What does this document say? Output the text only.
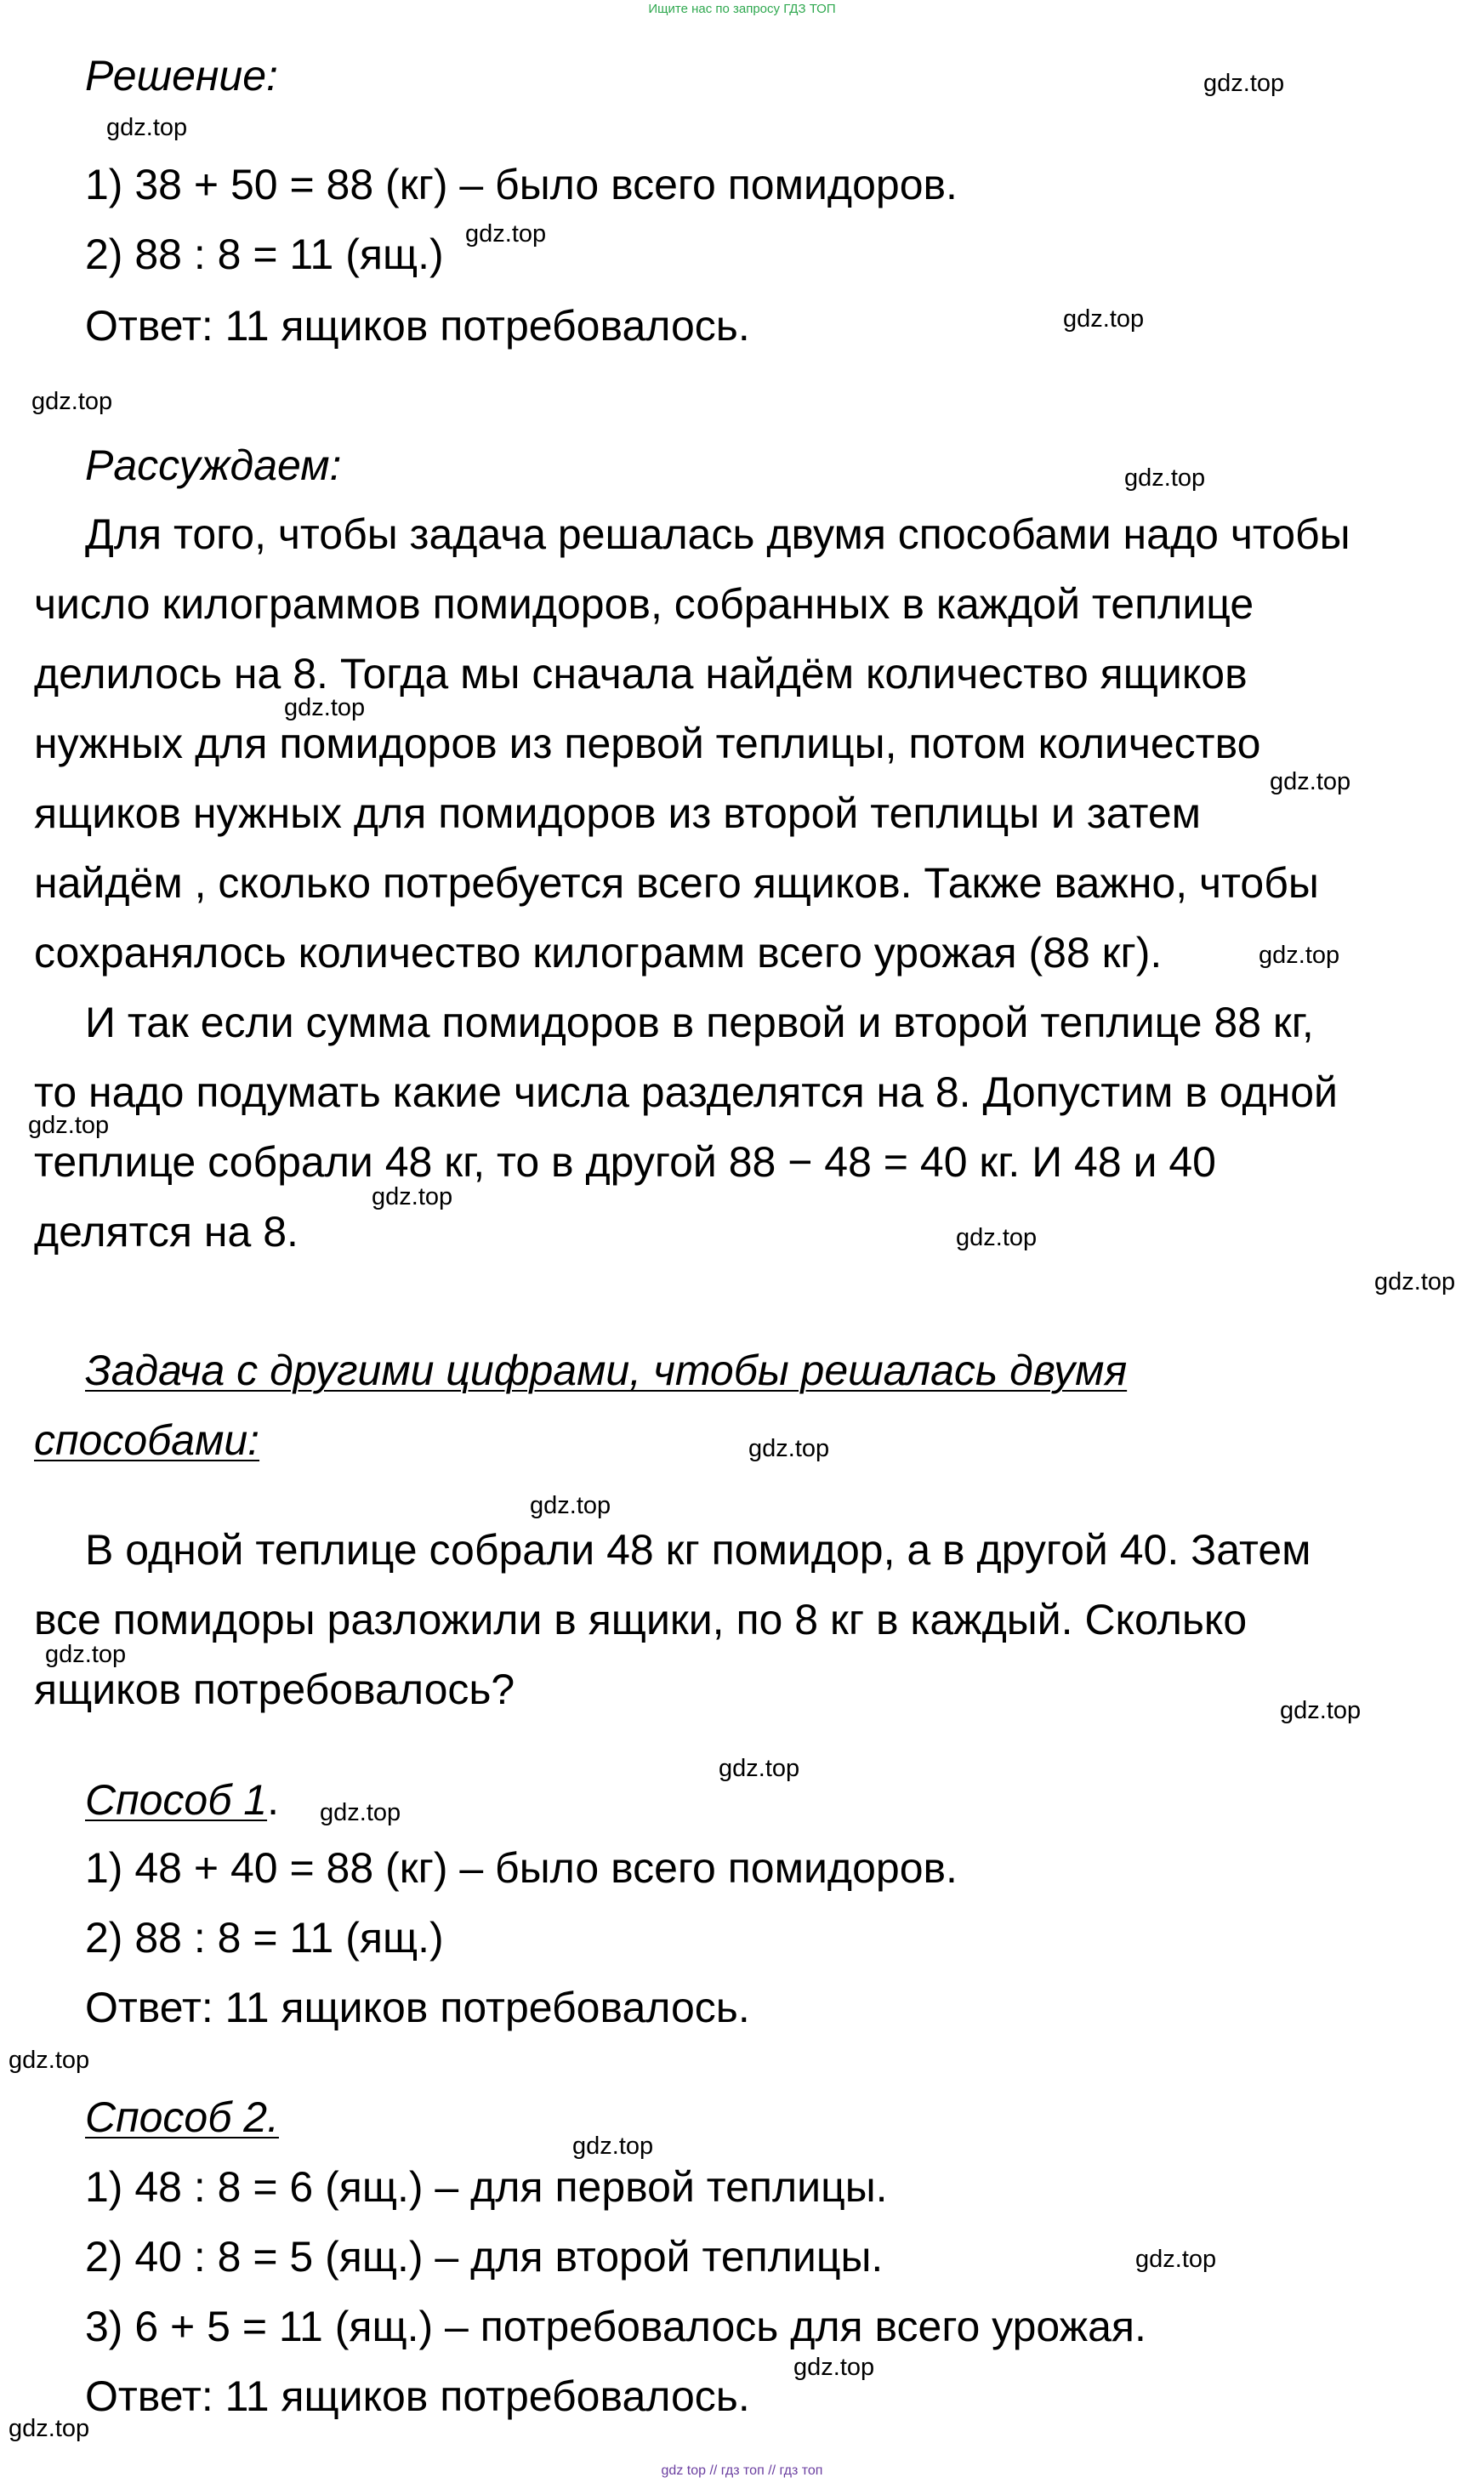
Ищите нас по запросу ГДЗ ТОП
Решение:
1) 38 + 50 = 88 (кг) – было всего помидоров.
2) 88 : 8 = 11 (ящ.)
Ответ: 11 ящиков потребовалось.
Рассуждаем:
Для того, чтобы задача решалась двумя способами надо чтобы
число килограммов помидоров, собранных в каждой теплице
делилось на 8. Тогда мы сначала найдём количество ящиков
нужных для помидоров из первой теплицы, потом количество
ящиков нужных для помидоров из второй теплицы и затем
найдём , сколько потребуется всего ящиков. Также важно, чтобы
сохранялось количество килограмм всего урожая (88 кг).
И так если сумма помидоров в первой и второй теплице 88 кг,
то надо подумать какие числа разделятся на 8. Допустим в одной
теплице собрали 48 кг, то в другой 88 − 48 = 40 кг. И 48 и 40
делятся на 8.
Задача с другими цифрами, чтобы решалась двумя
способами:
В одной теплице собрали 48 кг помидор, а в другой 40. Затем
все помидоры разложили в ящики, по 8 кг в каждый. Сколько
ящиков потребовалось?
Способ 1.
1) 48 + 40 = 88 (кг) – было всего помидоров.
2) 88 : 8 = 11 (ящ.)
Ответ: 11 ящиков потребовалось.
Способ 2.
1) 48 : 8 = 6 (ящ.) – для первой теплицы.
2) 40 : 8 = 5 (ящ.) – для второй теплицы.
3) 6 + 5 = 11 (ящ.) – потребовалось для всего урожая.
Ответ: 11 ящиков потребовалось.
gdz.top
gdz.top
gdz.top
gdz.top
gdz.top
gdz.top
gdz.top
gdz.top
gdz.top
gdz.top
gdz.top
gdz.top
gdz.top
gdz.top
gdz.top
gdz.top
gdz.top
gdz.top
gdz.top
gdz.top
gdz.top
gdz.top
gdz.top
gdz.top
gdz top // гдз топ // гдз топ
